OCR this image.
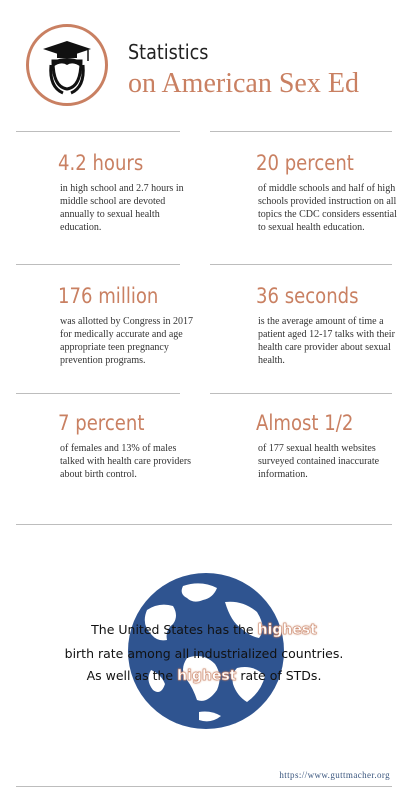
Statistics
on American Sex Ed
4.2 hours
in high school and 2.7 hours in middle school are devoted annually to sexual health education.
20 percent
of middle schools and half of high schools provided instruction on all topics the CDC considers essential to sexual health education.
176 million
was allotted by Congress in 2017 for medically accurate and age appropriate teen pregnancy prevention programs.
36 seconds
is the average amount of time a patient aged 12-17 talks with their health care provider about sexual health.
7 percent
of females and 13% of males talked with health care providers about birth control.
Almost 1/2
of 177 sexual health websites surveyed contained inaccurate information.
The United States has the highest
birth rate among all industrialized countries.
As well as the highest rate of STDs.
https://www.guttmacher.org
